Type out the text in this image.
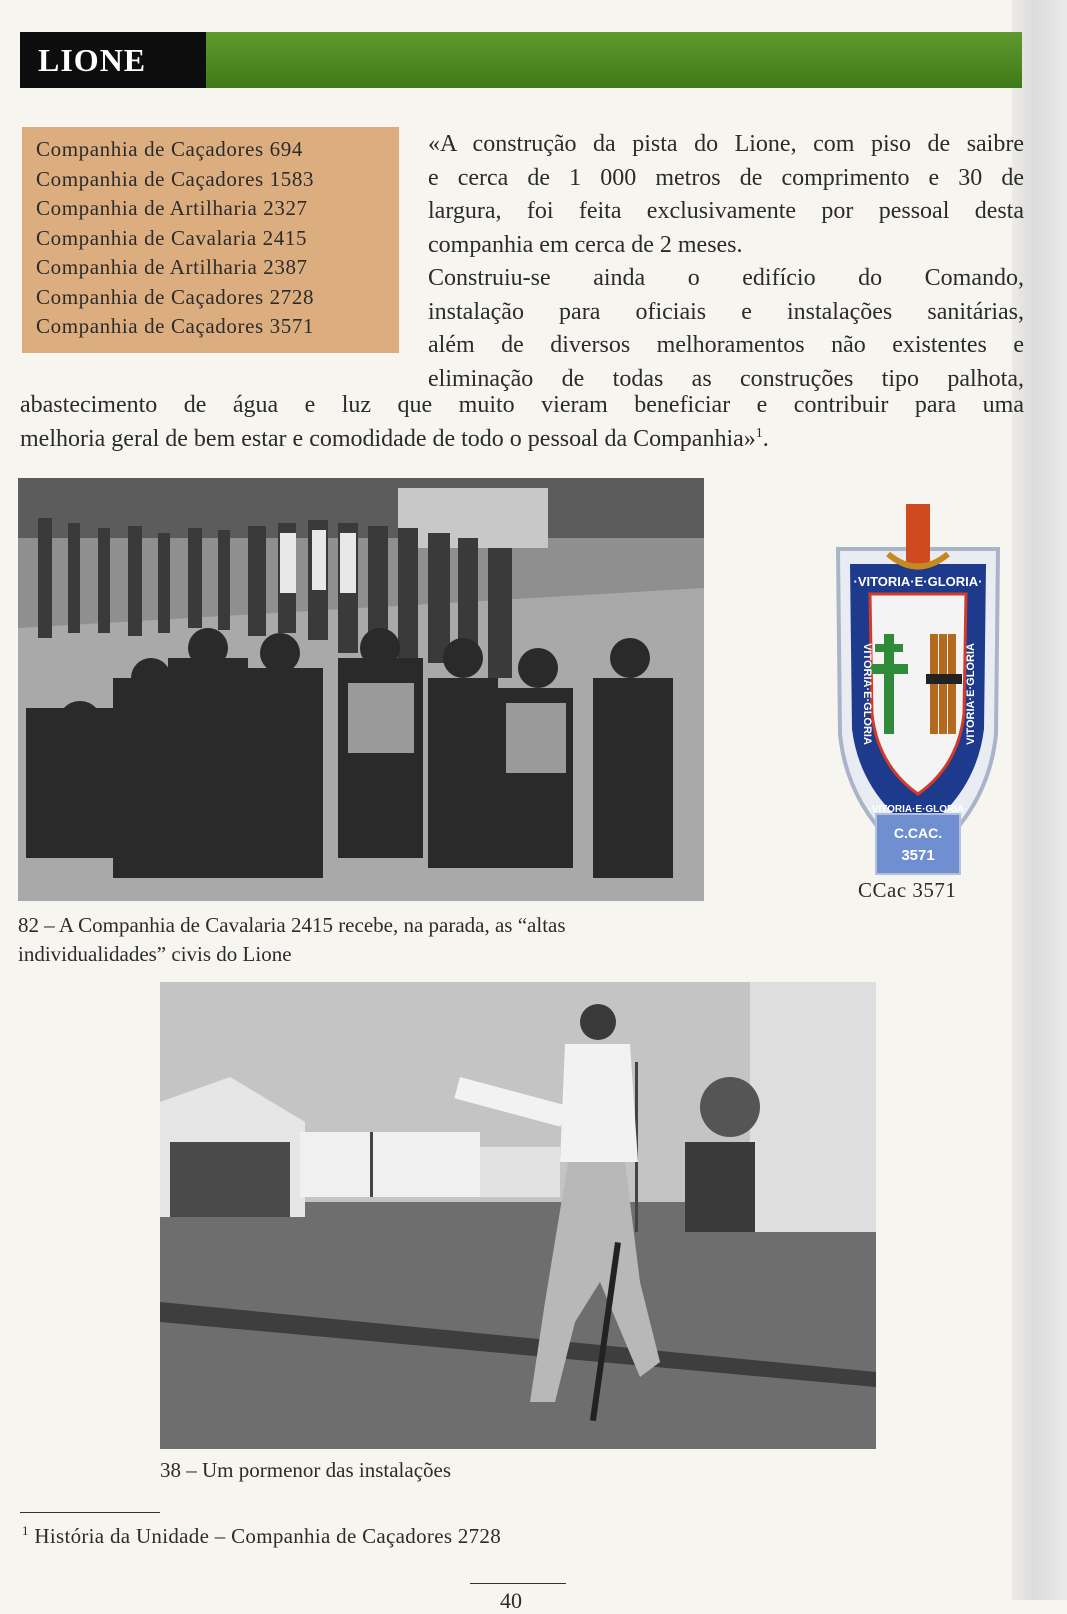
LIONE
Companhia de Caçadores 694
Companhia de Caçadores 1583
Companhia de Artilharia 2327
Companhia de Cavalaria 2415
Companhia de Artilharia 2387
Companhia de Caçadores 2728
Companhia de Caçadores 3571
«A construção da pista do Lione, com piso de saibre
e cerca de 1 000 metros de comprimento e 30 de
largura, foi feita exclusivamente por pessoal desta
companhia em cerca de 2 meses.
Construiu-se ainda o edifício do Comando,
instalação para oficiais e instalações sanitárias,
além de diversos melhoramentos não existentes e
eliminação de todas as construções tipo palhota,
abastecimento de água e luz que muito vieram beneficiar e contribuir para uma
melhoria geral de bem estar e comodidade de todo o pessoal da Companhia»$^1$.
82 – A Companhia de Cavalaria 2415 recebe, na parada, as “altas
individualidades” civis do Lione
·VITORIA·E·GLORIA·
VITORIA·E·GLORIA	VITORIA·E·GLORIA
·VITORIA·E·GLORIA·
C.CAC.
3571
CCac 3571
38 – Um pormenor das instalações
$^1$ História da Unidade – Companhia de Caçadores 2728
40
